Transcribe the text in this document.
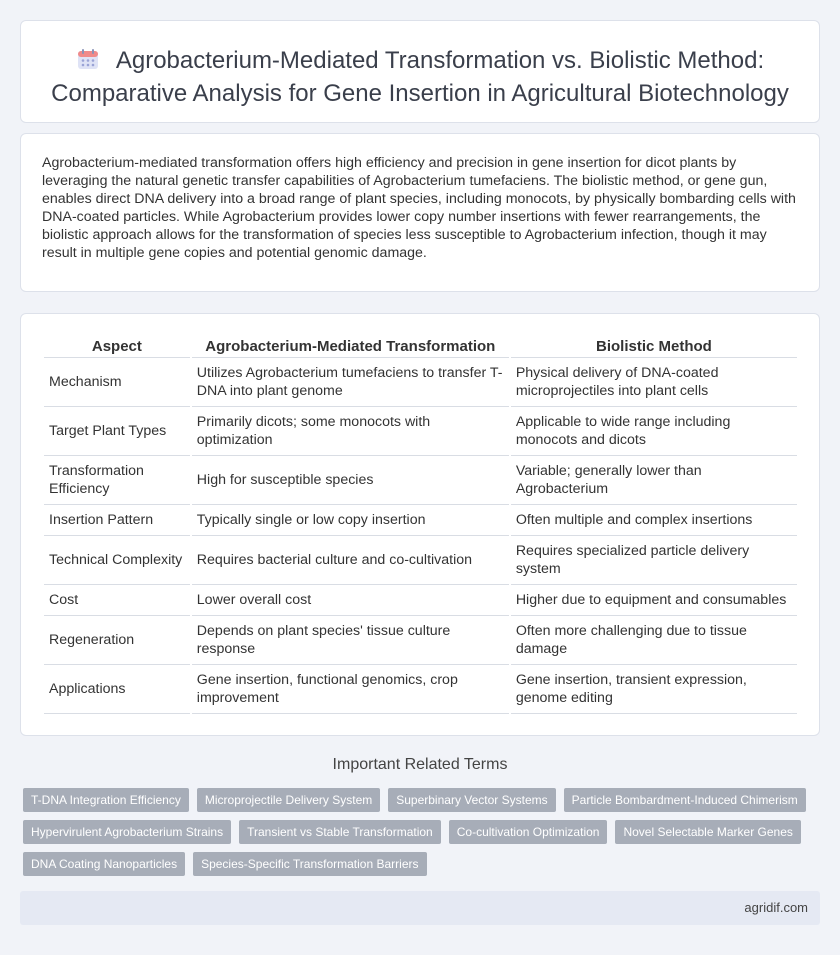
Agrobacterium-Mediated Transformation vs. Biolistic Method: Comparative Analysis for Gene Insertion in Agricultural Biotechnology

Agrobacterium-mediated transformation offers high efficiency and precision in gene insertion for dicot plants by leveraging the natural genetic transfer capabilities of Agrobacterium tumefaciens. The biolistic method, or gene gun, enables direct DNA delivery into a broad range of plant species, including monocots, by physically bombarding cells with DNA-coated particles. While Agrobacterium provides lower copy number insertions with fewer rearrangements, the biolistic approach allows for the transformation of species less susceptible to Agrobacterium infection, though it may result in multiple gene copies and potential genomic damage.

Aspect	Agrobacterium-Mediated Transformation	Biolistic Method
Mechanism	Utilizes Agrobacterium tumefaciens to transfer T-DNA into plant genome	Physical delivery of DNA-coated microprojectiles into plant cells
Target Plant Types	Primarily dicots; some monocots with optimization	Applicable to wide range including monocots and dicots
Transformation Efficiency	High for susceptible species	Variable; generally lower than Agrobacterium
Insertion Pattern	Typically single or low copy insertion	Often multiple and complex insertions
Technical Complexity	Requires bacterial culture and co-cultivation	Requires specialized particle delivery system
Cost	Lower overall cost	Higher due to equipment and consumables
Regeneration	Depends on plant species' tissue culture response	Often more challenging due to tissue damage
Applications	Gene insertion, functional genomics, crop improvement	Gene insertion, transient expression, genome editing
Important Related Terms
T-DNA Integration Efficiency	Microprojectile Delivery System	Superbinary Vector Systems	Particle Bombardment-Induced Chimerism
Hypervirulent Agrobacterium Strains	Transient vs Stable Transformation	Co-cultivation Optimization	Novel Selectable Marker Genes
DNA Coating Nanoparticles	Species-Specific Transformation Barriers
agridif.com
